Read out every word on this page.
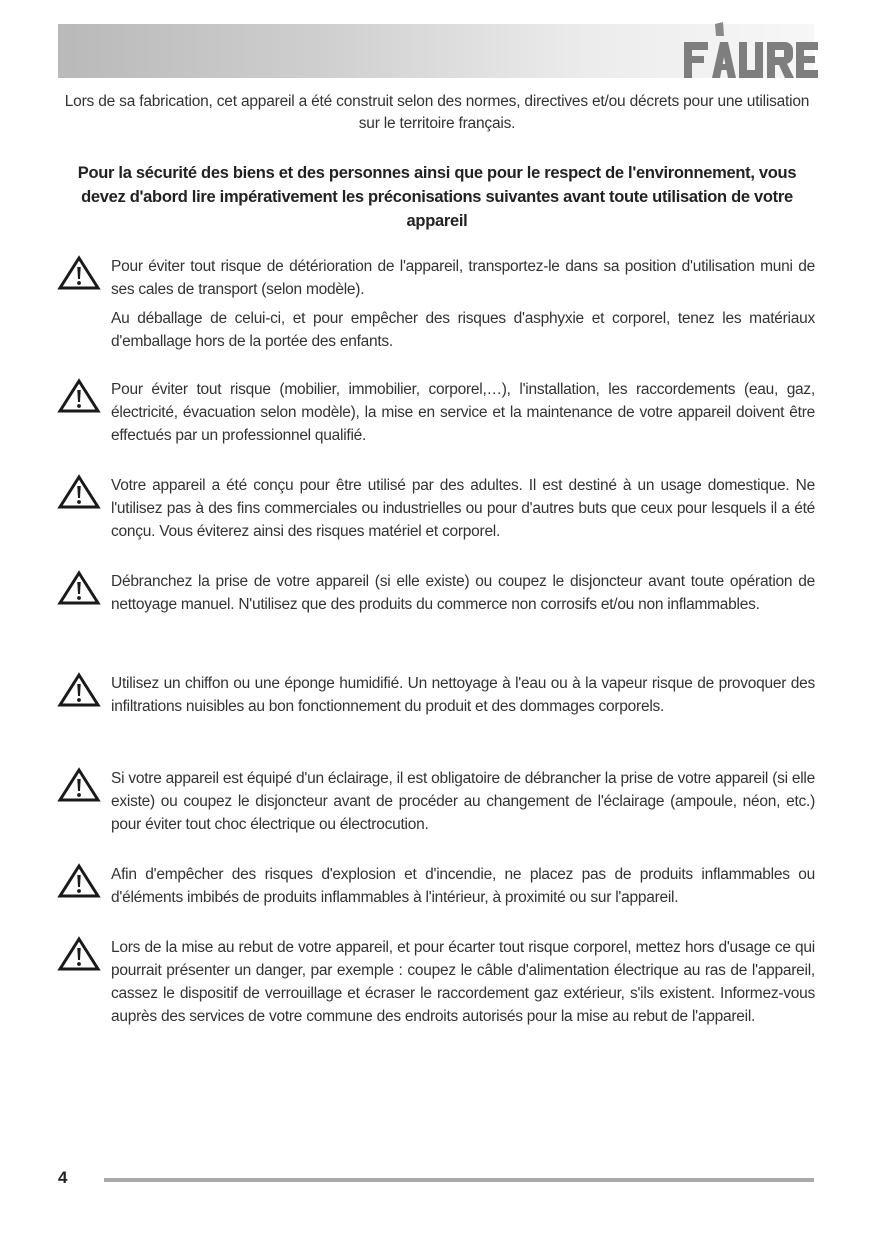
FAURE
Lors de sa fabrication, cet appareil a été construit selon des normes, directives et/ou décrets pour une utilisation sur le territoire français.
Pour la sécurité des biens et des personnes ainsi que pour le respect de l'environnement, vous devez d'abord lire impérativement les préconisations suivantes avant toute utilisation de votre appareil

Pour éviter tout risque de détérioration de l'appareil, transportez-le dans sa position d'utilisation muni de ses cales de transport (selon modèle).

Au déballage de celui-ci, et pour empêcher des risques d'asphyxie et corporel, tenez les matériaux d'emballage hors de la portée des enfants.

Pour éviter tout risque (mobilier, immobilier, corporel,…), l'installation, les raccordements (eau, gaz, électricité, évacuation selon modèle), la mise en service et la maintenance de votre appareil doivent être effectués par un professionnel qualifié.

Votre appareil a été conçu pour être utilisé par des adultes. Il est destiné à un usage domestique. Ne l'utilisez pas à des fins commerciales ou industrielles ou pour d'autres buts que ceux pour lesquels il a été conçu. Vous éviterez ainsi des risques matériel et corporel.

Débranchez la prise de votre appareil (si elle existe) ou coupez le disjoncteur avant toute opération de nettoyage manuel. N'utilisez que des produits du commerce non corrosifs et/ou non inflammables.

Utilisez un chiffon ou une éponge humidifié. Un nettoyage à l'eau ou à la vapeur risque de provoquer des infiltrations nuisibles au bon fonctionnement du produit et des dommages corporels.

Si votre appareil est équipé d'un éclairage, il est obligatoire de débrancher la prise de votre appareil (si elle existe) ou coupez le disjoncteur avant de procéder au changement de l'éclairage (ampoule, néon, etc.) pour éviter tout choc électrique ou électrocution.

Afin d'empêcher des risques d'explosion et d'incendie, ne placez pas de produits inflammables ou d'éléments imbibés de produits inflammables à l'intérieur, à proximité ou sur l'appareil.

Lors de la mise au rebut de votre appareil, et pour écarter tout risque corporel, mettez hors d'usage ce qui pourrait présenter un danger, par exemple : coupez le câble d'alimentation électrique au ras de l'appareil, cassez le dispositif de verrouillage et écraser le raccordement gaz extérieur, s'ils existent. Informez-vous auprès des services de votre commune des endroits autorisés pour la mise au rebut de l'appareil.

4
